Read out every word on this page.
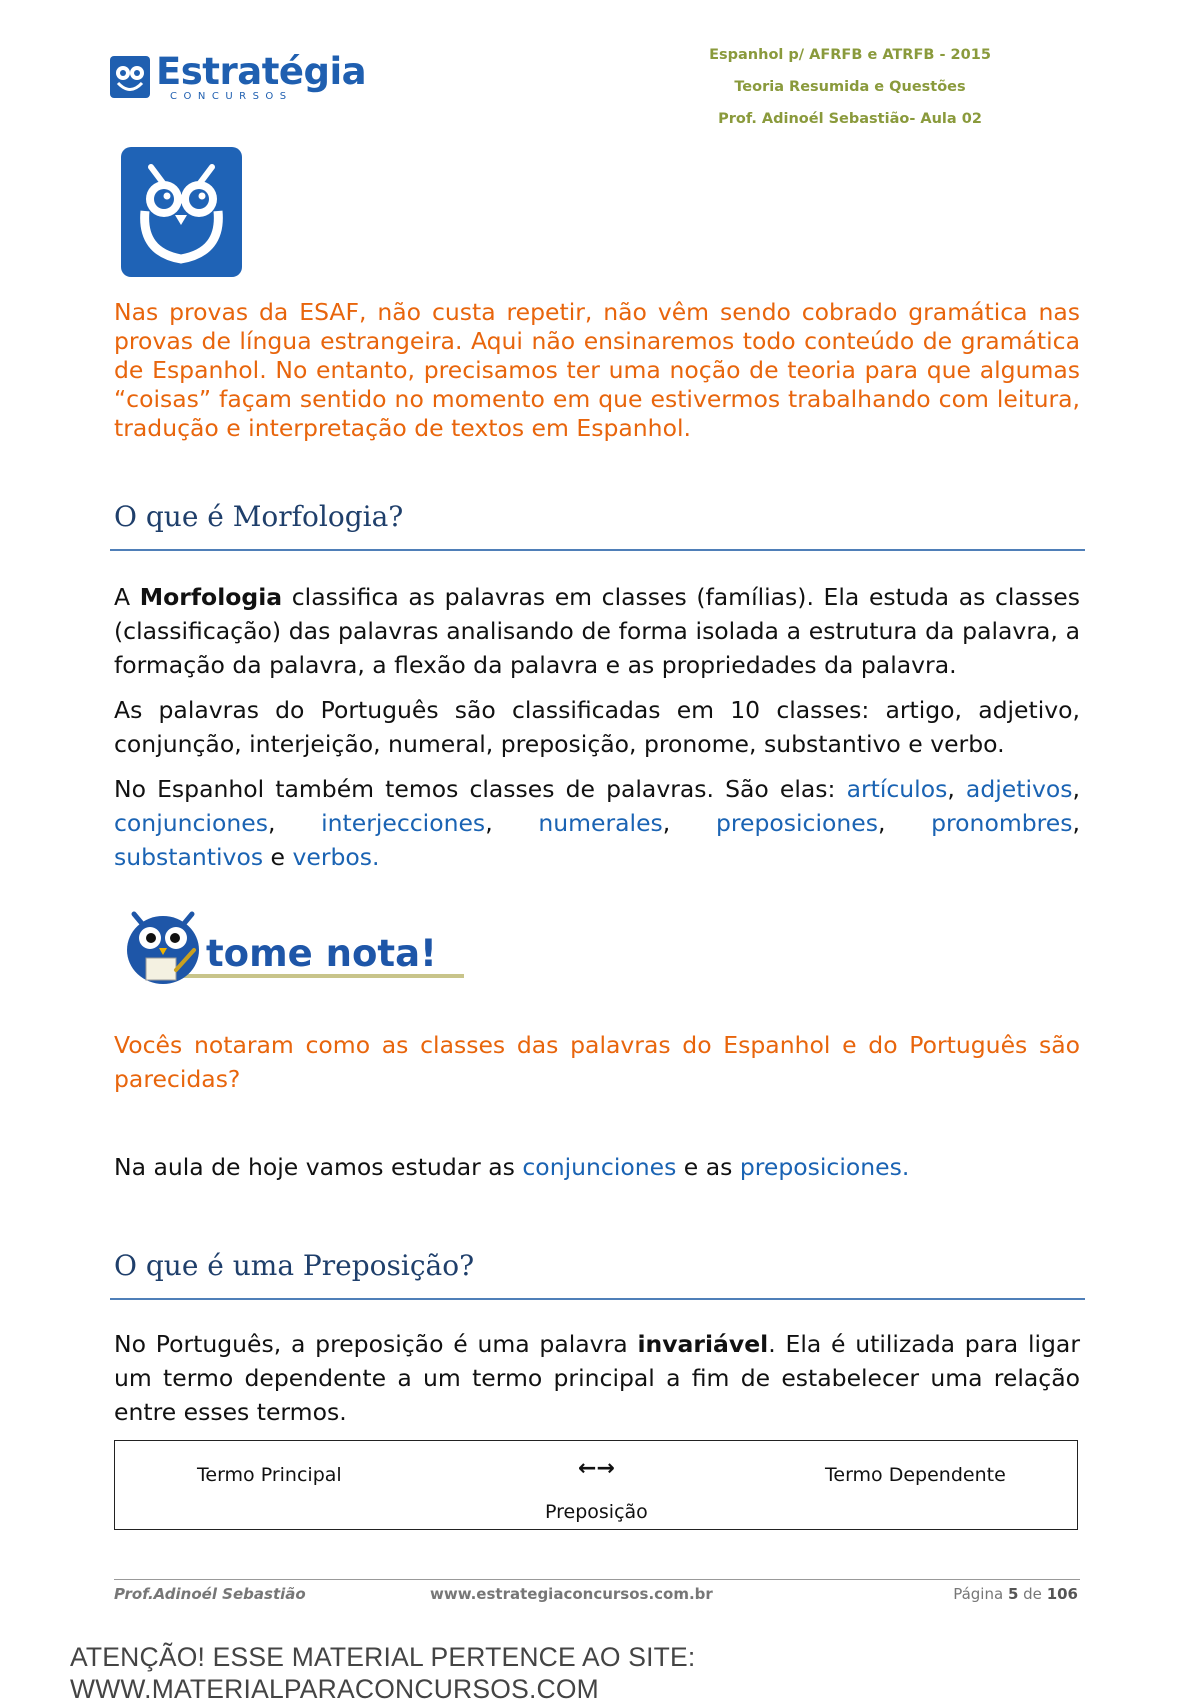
Estratégia
CONCURSOS
Espanhol p/ AFRFB e ATRFB - 2015
Teoria Resumida e Questões
Prof. Adinoél Sebastião- Aula 02
Nas provas da ESAF, não custa repetir, não vêm sendo cobrado gramática nas provas de língua estrangeira. Aqui não ensinaremos todo conteúdo de gramática de Espanhol. No entanto, precisamos ter uma noção de teoria para que algumas “coisas” façam sentido no momento em que estivermos trabalhando com leitura, tradução e interpretação de textos em Espanhol.
O que é Morfologia?
A Morfologia classifica as palavras em classes (famílias). Ela estuda as classes (classificação) das palavras analisando de forma isolada a estrutura da palavra, a formação da palavra, a flexão da palavra e as propriedades da palavra.
As palavras do Português são classificadas em 10 classes: artigo, adjetivo, conjunção, interjeição, numeral, preposição, pronome, substantivo e verbo.
No Espanhol também temos classes de palavras. São elas: artículos, adjetivos, conjunciones, interjecciones, numerales, preposiciones, pronombres, substantivos e verbos.
tome nota!
Vocês notaram como as classes das palavras do Espanhol e do Português são parecidas?
Na aula de hoje vamos estudar as conjunciones e as preposiciones.
O que é uma Preposição?
No Português, a preposição é uma palavra invariável. Ela é utilizada para ligar um termo dependente a um termo principal a fim de estabelecer uma relação entre esses termos.
Termo Principal	←→	Termo Dependente
Preposição
Prof.Adinoél Sebastião	www.estrategiaconcursos.com.br	Página 5 de 106
ATENÇÃO! ESSE MATERIAL PERTENCE AO SITE: WWW.MATERIALPARACONCURSOS.COM
